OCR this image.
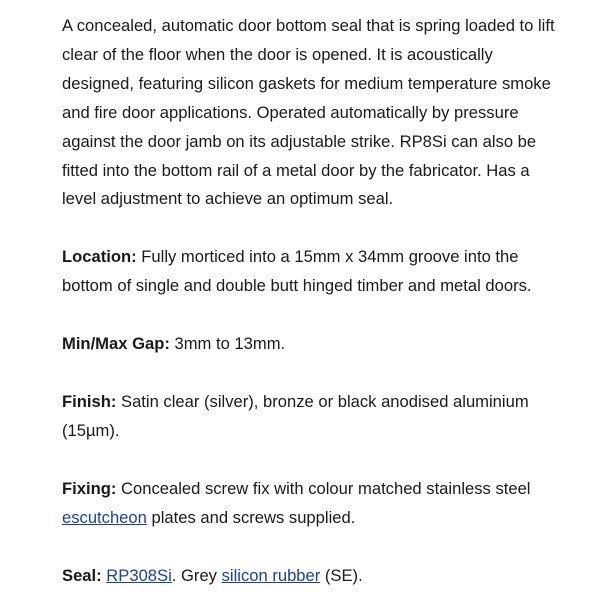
A concealed, automatic door bottom seal that is spring loaded to lift clear of the floor when the door is opened. It is acoustically designed, featuring silicon gaskets for medium temperature smoke and fire door applications. Operated automatically by pressure against the door jamb on its adjustable strike. RP8Si can also be fitted into the bottom rail of a metal door by the fabricator. Has a level adjustment to achieve an optimum seal.

Location: Fully morticed into a 15mm x 34mm groove into the bottom of single and double butt hinged timber and metal doors.

Min/Max Gap: 3mm to 13mm.

Finish: Satin clear (silver), bronze or black anodised aluminium (15µm).

Fixing: Concealed screw fix with colour matched stainless steel escutcheon plates and screws supplied.

Seal: RP308Si. Grey silicon rubber (SE).
